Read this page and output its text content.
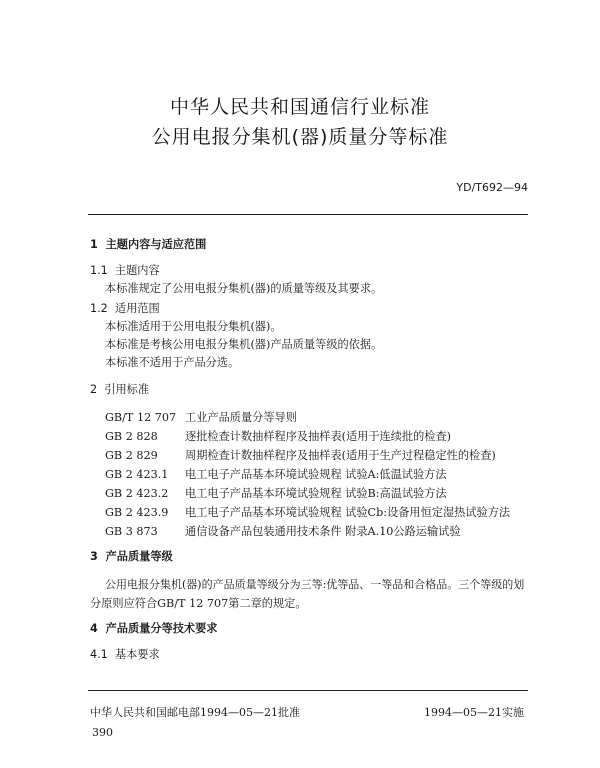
中华人民共和国通信行业标准
公用电报分集机(器)质量分等标准
YD/T692—94
1 主题内容与适应范围
1.1 主题内容
本标准规定了公用电报分集机(器)的质量等级及其要求。
1.2 适用范围
本标准适用于公用电报分集机(器)。
本标准是考核公用电报分集机(器)产品质量等级的依据。
本标准不适用于产品分选。
2 引用标准
GB/T 12 707 工业产品质量分等导则
GB 2 828 逐批检查计数抽样程序及抽样表(适用于连续批的检查)
GB 2 829 周期检查计数抽样程序及抽样表(适用于生产过程稳定性的检查)
GB 2 423.1 电工电子产品基本环境试验规程 试验A:低温试验方法
GB 2 423.2 电工电子产品基本环境试验规程 试验B:高温试验方法
GB 2 423.9 电工电子产品基本环境试验规程 试验Cb:设备用恒定湿热试验方法
GB 3 873 通信设备产品包装通用技术条件 附录A.10公路运输试验
3 产品质量等级
公用电报分集机(器)的产品质量等级分为三等:优等品、一等品和合格品。三个等级的划
分原则应符合GB/T 12 707第二章的规定。
4 产品质量分等技术要求
4.1 基本要求
中华人民共和国邮电部1994—05—21批准	1994—05—21实施
390
